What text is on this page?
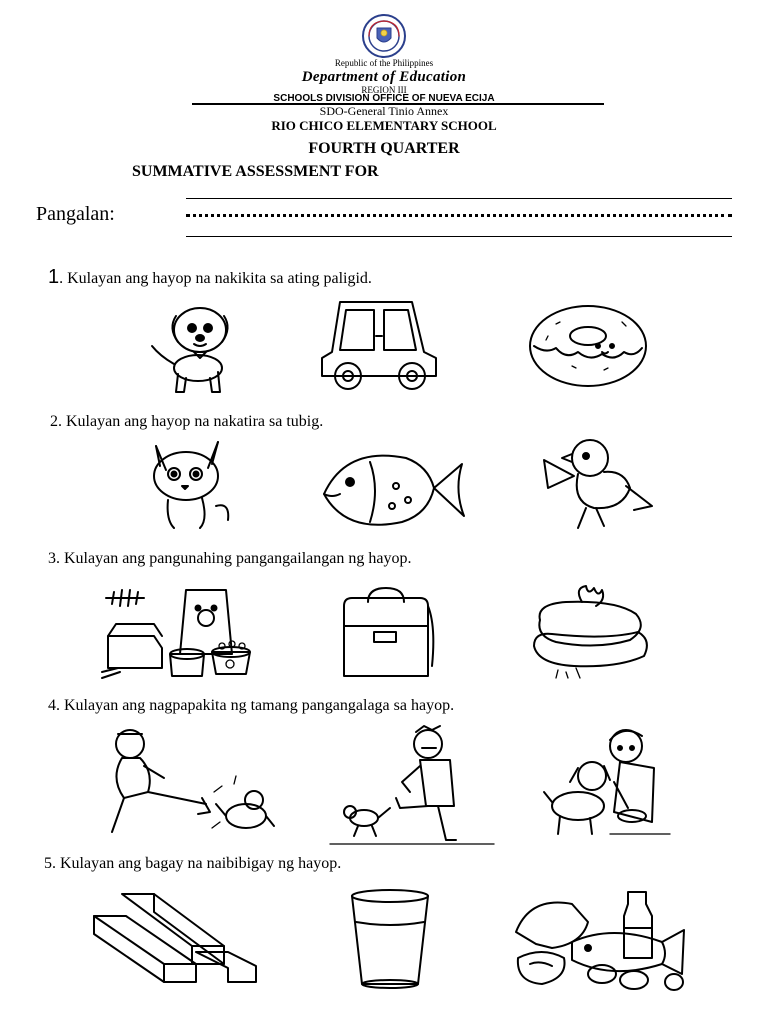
Republic of the Philippines
Department of Education
REGION III
SCHOOLS DIVISION OFFICE OF NUEVA ECIJA
SDO-General Tinio Annex
RIO CHICO ELEMENTARY SCHOOL
FOURTH QUARTER
SUMMATIVE ASSESSMENT FOR
Pangalan:
1. Kulayan ang hayop na nakikita sa ating paligid.
2. Kulayan ang hayop na nakatira sa tubig.
3. Kulayan ang pangunahing pangangailangan ng hayop.
4. Kulayan ang nagpapakita ng tamang pangangalaga sa hayop.
5. Kulayan ang bagay na naibibigay ng hayop.
